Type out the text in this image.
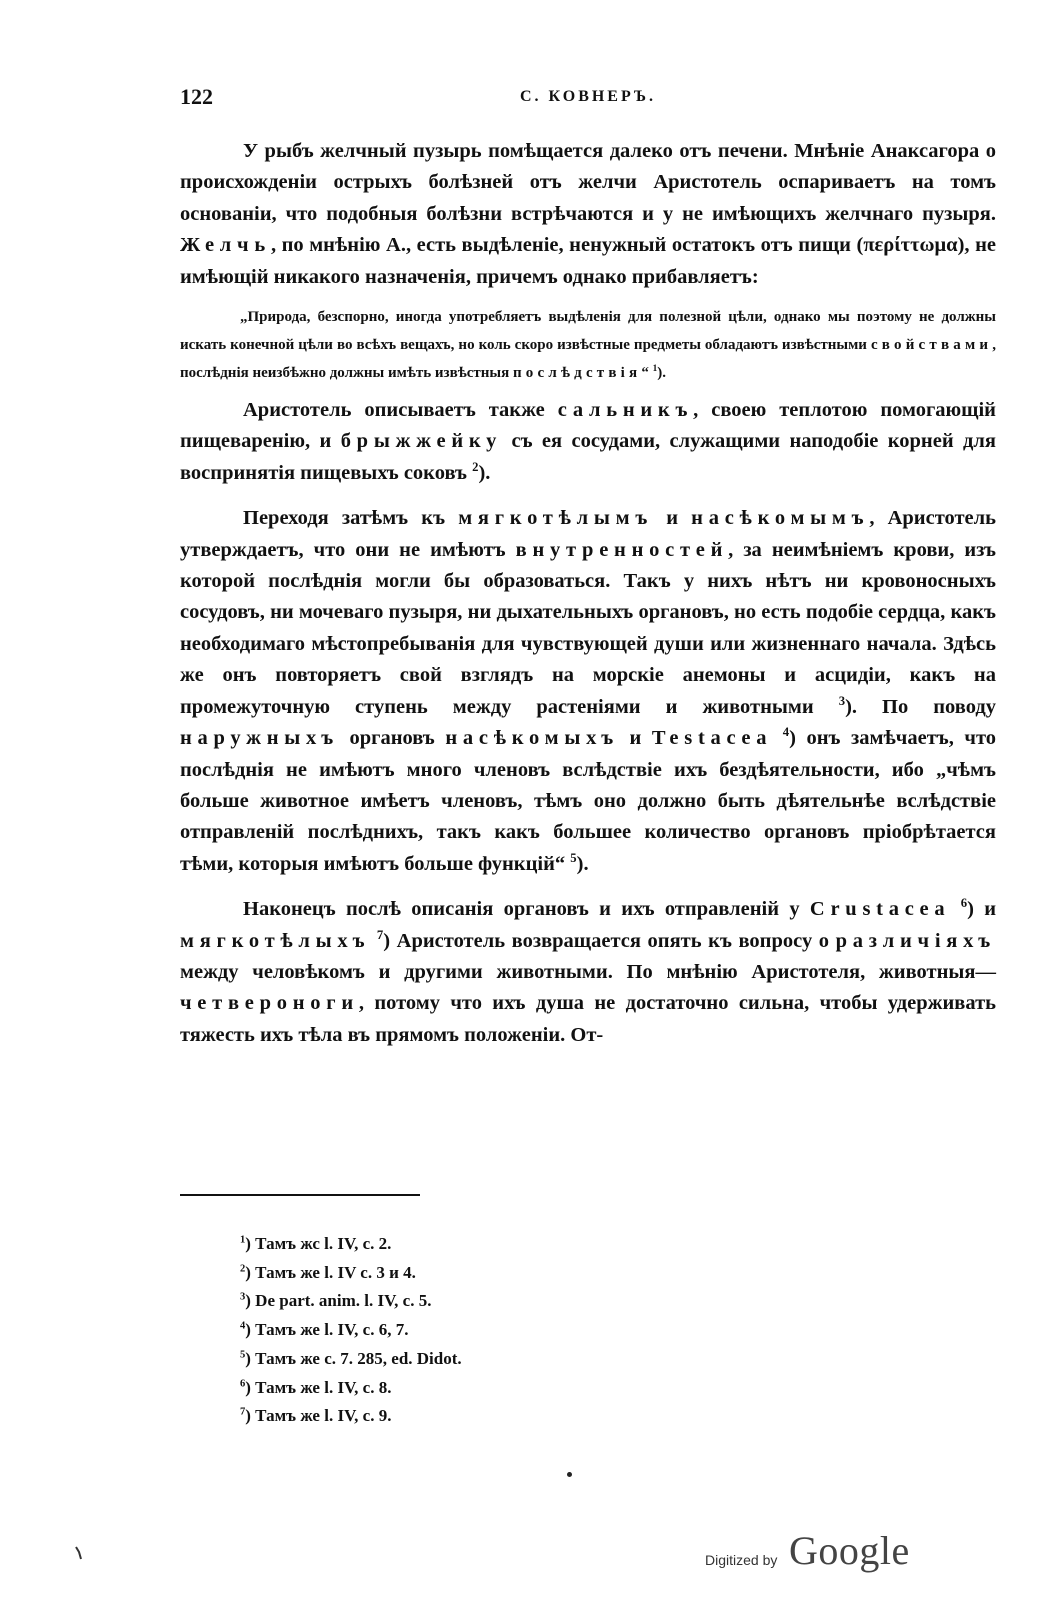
122	С. КОВНЕРЪ.

У рыбъ желчный пузырь помѣщается далеко отъ печени. Мнѣніе Анаксагора о происхожденіи острыхъ болѣзней отъ желчи Аристотель оспариваетъ на томъ основаніи, что подобныя болѣзни встрѣчаются и у не имѣющихъ желчнаго пузыря. Желчь, по мнѣнію А., есть выдѣленіе, ненужный остатокъ отъ пищи (περίττωμα), не имѣющій никакого назначенія, причемъ однако прибавляетъ:

„Природа, безспорно, иногда употребляетъ выдѣленія для полезной цѣли, однако мы поэтому не должны искать конечной цѣли во всѣхъ вещахъ, но коль скоро извѣстные предметы обладаютъ извѣстными свойствами, послѣднія неизбѣжно должны имѣть извѣстныя послѣдствія“ $^1$).

Аристотель описываетъ также сальникъ, своею теплотою помогающій пищеваренію, и брыжжейку съ ея сосудами, служащими наподобіе корней для воспринятія пищевыхъ соковъ $^2$).

Переходя затѣмъ къ мягкотѣлымъ и насѣкомымъ, Аристотель утверждаетъ, что они не имѣютъ внутренностей, за неимѣніемъ крови, изъ которой послѣднія могли бы образоваться. Такъ у нихъ нѣтъ ни кровоносныхъ сосудовъ, ни мочеваго пузыря, ни дыхательныхъ органовъ, но есть подобіе сердца, какъ необходимаго мѣстопребыванія для чувствующей души или жизненнаго начала. Здѣсь же онъ повторяетъ свой взглядъ на морскіе анемоны и асцидіи, какъ на промежуточную ступень между растеніями и животными $^3$). По поводу наружныхъ органовъ насѣкомыхъ и Testacea $^4$) онъ замѣчаетъ, что послѣднія не имѣютъ много членовъ вслѣдствіе ихъ бездѣятельности, ибо „чѣмъ больше животное имѣетъ членовъ, тѣмъ оно должно быть дѣятельнѣе вслѣдствіе отправленій послѣднихъ, такъ какъ большее количество органовъ пріобрѣтается тѣми, которыя имѣютъ больше функцій“ $^5$).

Наконецъ послѣ описанія органовъ и ихъ отправленій у Crustacea $^6$) и мягкотѣлыхъ $^7$) Аристотель возвращается опять къ вопросу о различіяхъ между человѣкомъ и другими животными. По мнѣнію Аристотеля, животныя—четвероноги, потому что ихъ душа не достаточно сильна, чтобы удерживать тяжесть ихъ тѣла въ прямомъ положеніи. От-

$^1$) Тамъ жс l. IV, c. 2.
$^2$) Тамъ же l. IV c. 3 и 4.
$^3$) De part. anim. l. IV, c. 5.
$^4$) Тамъ же l. IV, c. 6, 7.
$^5$) Тамъ же c. 7. 285, ed. Didot.
$^6$) Тамъ же l. IV, c. 8.
$^7$) Тамъ же l. IV, c. 9.
Digitized by Google
